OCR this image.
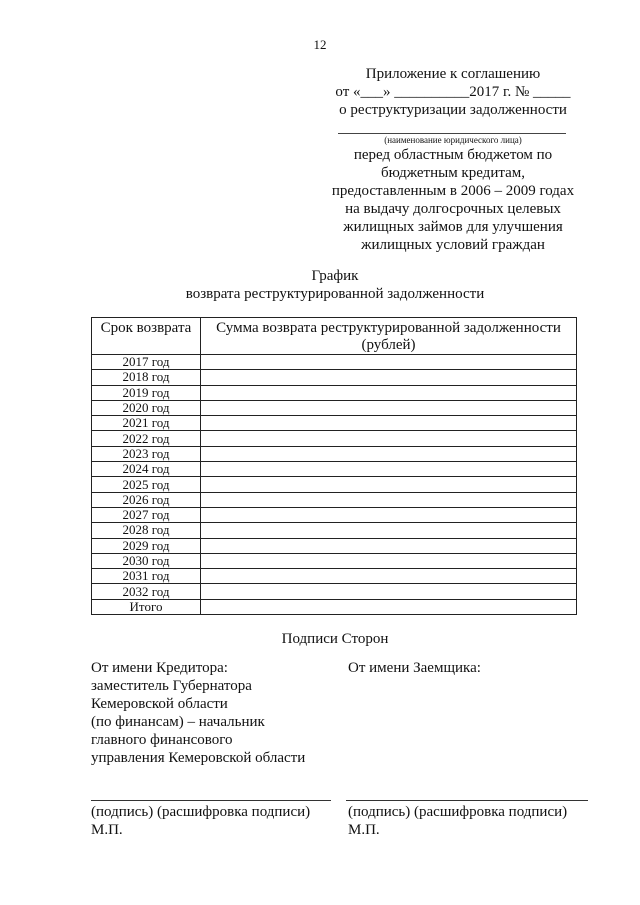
12
Приложение к соглашению
от «___» __________2017 г. № _____
о реструктуризации задолженности
(наименование юридического лица)
перед областным бюджетом по
бюджетным кредитам,
предоставленным в 2006 – 2009 годах
на выдачу долгосрочных целевых
жилищных займов для улучшения
жилищных условий граждан
График
возврата реструктурированной задолженности
Срок возврата	Сумма возврата реструктурированной задолженности (рублей)
2017 год	
2018 год	
2019 год	
2020 год	
2021 год	
2022 год	
2023 год	
2024 год	
2025 год	
2026 год	
2027 год	
2028 год	
2029 год	
2030 год	
2031 год	
2032 год	
Итого	
Подписи Сторон
От имени Кредитора:
заместитель Губернатора
Кемеровской области
(по финансам) – начальник
главного финансового
управления Кемеровской области
От имени Заемщика:
(подпись) (расшифровка подписи)
М.П.
(подпись) (расшифровка подписи)
М.П.
